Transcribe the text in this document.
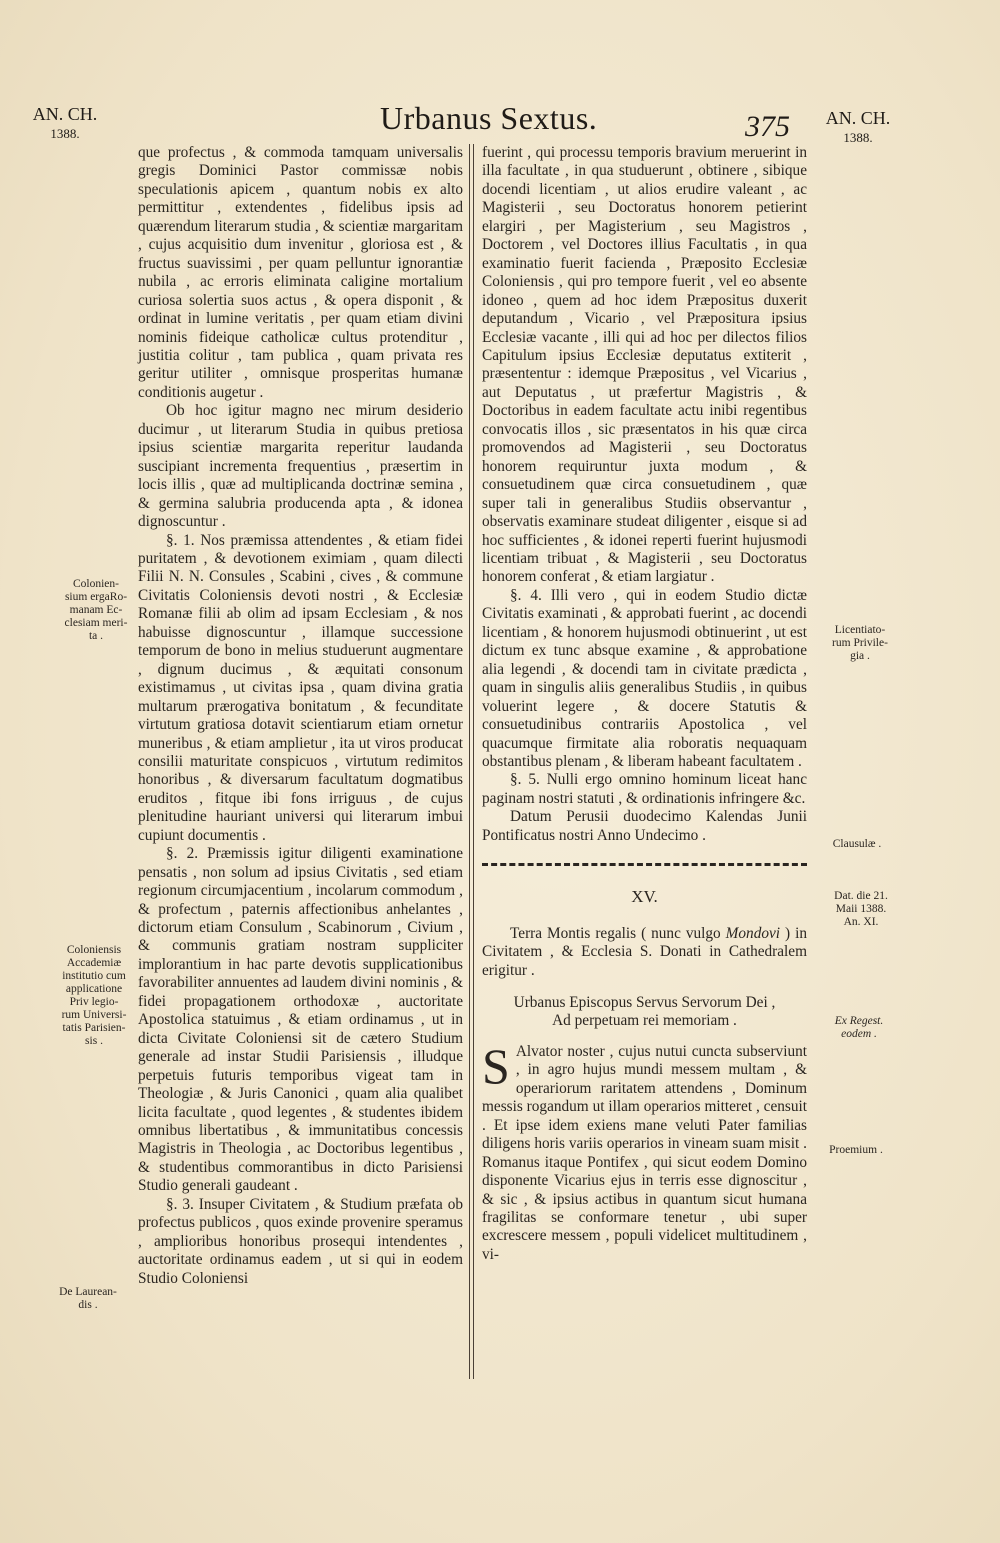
AN. CH.
1388.	Urbanus Sextus.	375	AN. CH.
1388.
Colonien-
sium ergaRo-
manam Ec-
clesiam meri-
ta .
Coloniensis
Accademiæ
institutio cum
applicatione
Priv legio-
rum Universi-
tatis Parisien-
sis .
De Laurean-
dis .
Licentiato-
rum Privile-
gia .
Clausulæ .
Dat. die 21.
Maii 1388.
An. XI.
Ex Regest.
eodem .
Proemium .

que profectus , & commoda tamquam universalis gregis Dominici Pastor commissæ nobis speculationis apicem , quantum nobis ex alto permittitur , extendentes , fidelibus ipsis ad quærendum literarum studia , & scientiæ margaritam , cujus acquisitio dum invenitur , gloriosa est , & fructus suavissimi , per quam pelluntur ignorantiæ nubila , ac erroris eliminata caligine mortalium curiosa solertia suos actus , & opera disponit , & ordinat in lumine veritatis , per quam etiam divini nominis fideique catholicæ cultus protenditur , justitia colitur , tam publica , quam privata res geritur utiliter , omnisque prosperitas humanæ conditionis augetur .

Ob hoc igitur magno nec mirum desiderio ducimur , ut literarum Studia in quibus pretiosa ipsius scientiæ margarita reperitur laudanda suscipiant incrementa frequentius , præsertim in locis illis , quæ ad multiplicanda doctrinæ semina , & germina salubria producenda apta , & idonea dignoscuntur .

§. 1. Nos præmissa attendentes , & etiam fidei puritatem , & devotionem eximiam , quam dilecti Filii N. N. Consules , Scabini , cives , & commune Civitatis Coloniensis devoti nostri , & Ecclesiæ Romanæ filii ab olim ad ipsam Ecclesiam , & nos habuisse dignoscuntur , illamque successione temporum de bono in melius studuerunt augmentare , dignum ducimus , & æquitati consonum existimamus , ut civitas ipsa , quam divina gratia multarum prærogativa bonitatum , & fecunditate virtutum gratiosa dotavit scientiarum etiam ornetur muneribus , & etiam amplietur , ita ut viros producat consilii maturitate conspicuos , virtutum redimitos honoribus , & diversarum facultatum dogmatibus eruditos , fitque ibi fons irriguus , de cujus plenitudine hauriant universi qui literarum imbui cupiunt documentis .

§. 2. Præmissis igitur diligenti examinatione pensatis , non solum ad ipsius Civitatis , sed etiam regionum circumjacentium , incolarum commodum , & profectum , paternis affectionibus anhelantes , dictorum etiam Consulum , Scabinorum , Civium , & communis gratiam nostram suppliciter implorantium in hac parte devotis supplicationibus favorabiliter annuentes ad laudem divini nominis , & fidei propagationem orthodoxæ , auctoritate Apostolica statuimus , & etiam ordinamus , ut in dicta Civitate Coloniensi sit de cætero Studium generale ad instar Studii Parisiensis , illudque perpetuis futuris temporibus vigeat tam in Theologiæ , & Juris Canonici , quam alia qualibet licita facultate , quod legentes , & studentes ibidem omnibus libertatibus , & immunitatibus concessis Magistris in Theologia , ac Doctoribus legentibus , & studentibus commorantibus in dicto Parisiensi Studio generali gaudeant .

§. 3. Insuper Civitatem , & Studium præfata ob profectus publicos , quos exinde provenire speramus , amplioribus honoribus prosequi intendentes , auctoritate ordinamus eadem , ut si qui in eodem Studio Coloniensi

fuerint , qui processu temporis bravium meruerint in illa facultate , in qua studuerunt , obtinere , sibique docendi licentiam , ut alios erudire valeant , ac Magisterii , seu Doctoratus honorem petierint elargiri , per Magisterium , seu Magistros , Doctorem , vel Doctores illius Facultatis , in qua examinatio fuerit facienda , Præposito Ecclesiæ Coloniensis , qui pro tempore fuerit , vel eo absente idoneo , quem ad hoc idem Præpositus duxerit deputandum , Vicario , vel Præpositura ipsius Ecclesiæ vacante , illi qui ad hoc per dilectos filios Capitulum ipsius Ecclesiæ deputatus extiterit , præsententur : idemque Præpositus , vel Vicarius , aut Deputatus , ut præfertur Magistris , & Doctoribus in eadem facultate actu inibi regentibus convocatis illos , sic præsentatos in his quæ circa promovendos ad Magisterii , seu Doctoratus honorem requiruntur juxta modum , & consuetudinem quæ circa consuetudinem , quæ super tali in generalibus Studiis observantur , observatis examinare studeat diligenter , eisque si ad hoc sufficientes , & idonei reperti fuerint hujusmodi licentiam tribuat , & Magisterii , seu Doctoratus honorem conferat , & etiam largiatur .

§. 4. Illi vero , qui in eodem Studio dictæ Civitatis examinati , & approbati fuerint , ac docendi licentiam , & honorem hujusmodi obtinuerint , ut est dictum ex tunc absque examine , & approbatione alia legendi , & docendi tam in civitate prædicta , quam in singulis aliis generalibus Studiis , in quibus voluerint legere , & docere Statutis & consuetudinibus contrariis Apostolica , vel quacumque firmitate alia roboratis nequaquam obstantibus plenam , & liberam habeant facultatem .

§. 5. Nulli ergo omnino hominum liceat hanc paginam nostri statuti , & ordinationis infringere &c.

Datum Perusii duodecimo Kalendas Junii Pontificatus nostri Anno Undecimo .

XV.

Terra Montis regalis ( nunc vulgo Mondovi ) in Civitatem , & Ecclesia S. Donati in Cathedralem erigitur .

Urbanus Episcopus Servus Servorum Dei ,

Ad perpetuam rei memoriam .

S Alvator noster , cujus nutui cuncta subserviunt , in agro hujus mundi messem multam , & operariorum raritatem attendens , Dominum messis rogandum ut illam operarios mitteret , censuit . Et ipse idem exiens mane veluti Pater familias diligens horis variis operarios in vineam suam misit . Romanus itaque Pontifex , qui sicut eodem Domino disponente Vicarius ejus in terris esse dignoscitur , & sic , & ipsius actibus in quantum sicut humana fragilitas se conformare tenetur , ubi super excrescere messem , populi videlicet multitudinem , vi-
